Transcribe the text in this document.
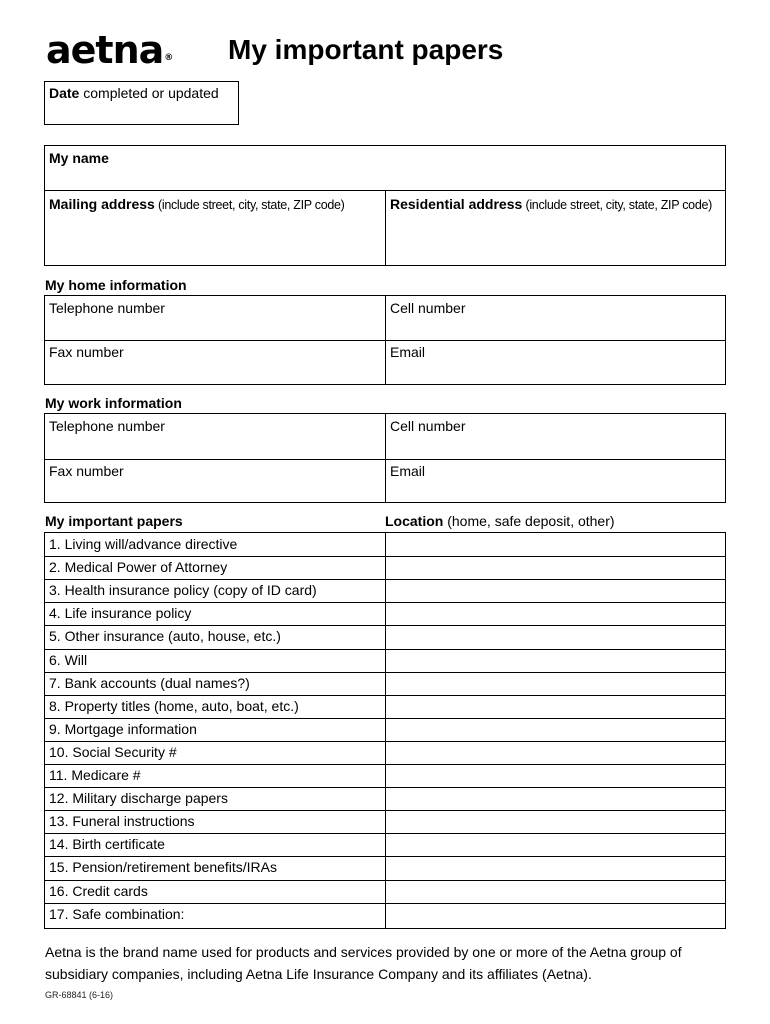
aetna® My important papers
Date completed or updated
My name
Mailing address (include street, city, state, ZIP code)	Residential address (include street, city, state, ZIP code)
My home information
Telephone number	Cell number
Fax number	Email
My work information
Telephone number	Cell number
Fax number	Email
My important papers	Location (home, safe deposit, other)
1. Living will/advance directive
2. Medical Power of Attorney
3. Health insurance policy (copy of ID card)
4. Life insurance policy
5. Other insurance (auto, house, etc.)
6. Will
7. Bank accounts (dual names?)
8. Property titles (home, auto, boat, etc.)
9. Mortgage information
10. Social Security #
11. Medicare #
12. Military discharge papers
13. Funeral instructions
14. Birth certificate
15. Pension/retirement benefits/IRAs
16. Credit cards
17. Safe combination:
Aetna is the brand name used for products and services provided by one or more of the Aetna group of subsidiary companies, including Aetna Life Insurance Company and its affiliates (Aetna).
GR-68841 (6-16)
